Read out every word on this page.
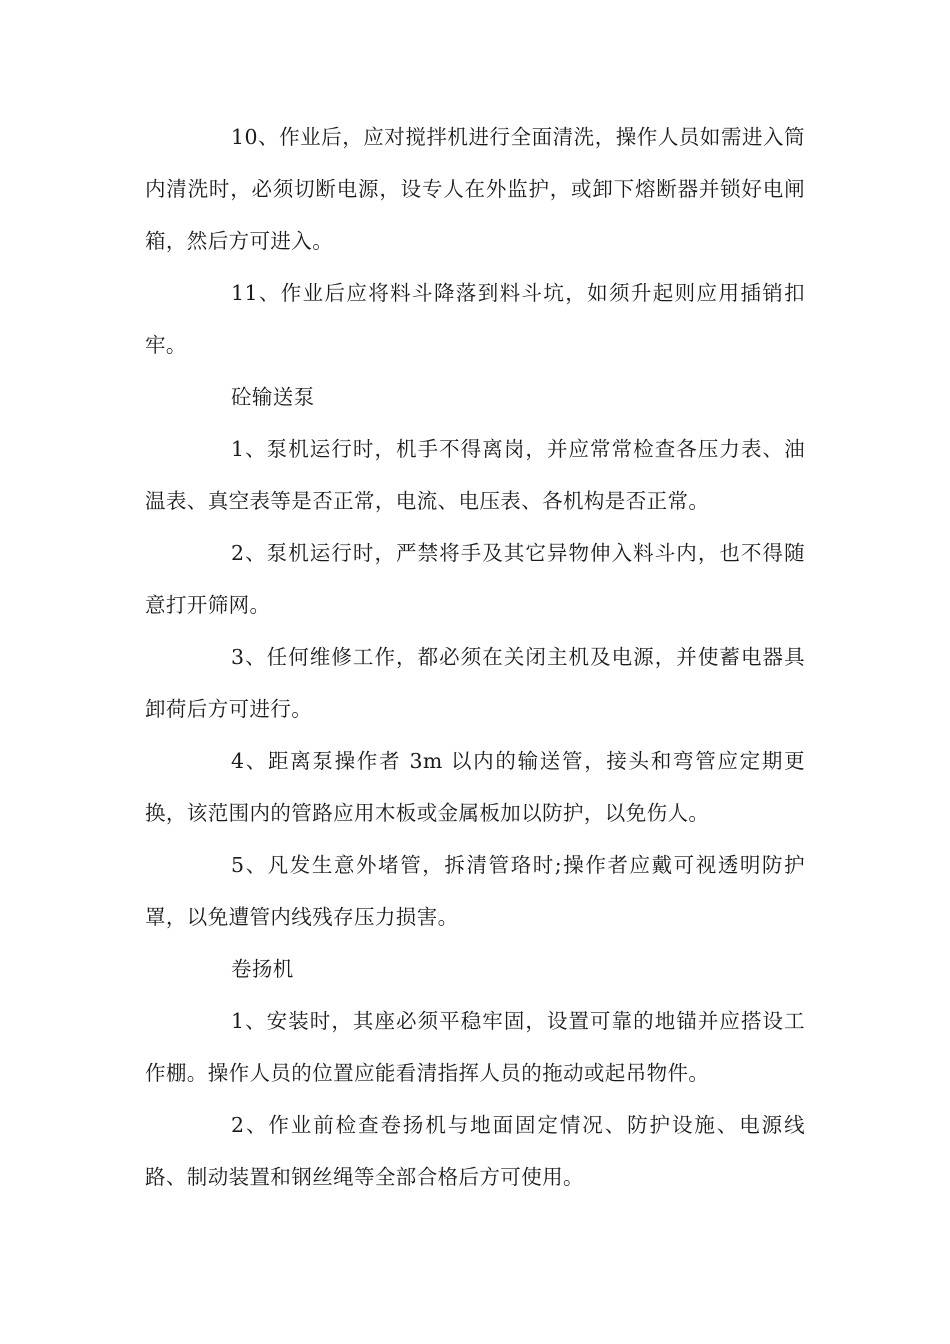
10、作业后，应对搅拌机进行全面清洗，操作人员如需进入筒内清洗时，必须切断电源，设专人在外监护，或卸下熔断器并锁好电闸箱，然后方可进入。

11、作业后应将料斗降落到料斗坑，如须升起则应用插销扣牢。

砼输送泵

1、泵机运行时，机手不得离岗，并应常常检查各压力表、油温表、真空表等是否正常，电流、电压表、各机构是否正常。

2、泵机运行时，严禁将手及其它异物伸入料斗内，也不得随意打开筛网。

3、任何维修工作，都必须在关闭主机及电源，并使蓄电器具卸荷后方可进行。

4、距离泵操作者 3m 以内的输送管，接头和弯管应定期更换，该范围内的管路应用木板或金属板加以防护，以免伤人。

5、凡发生意外堵管，拆清管珞时;操作者应戴可视透明防护罩，以免遭管内线残存压力损害。

卷扬机

1、安装时，其座必须平稳牢固，设置可靠的地锚并应搭设工作棚。操作人员的位置应能看清指挥人员的拖动或起吊物件。

2、作业前检查卷扬机与地面固定情况、防护设施、电源线路、制动装置和钢丝绳等全部合格后方可使用。
